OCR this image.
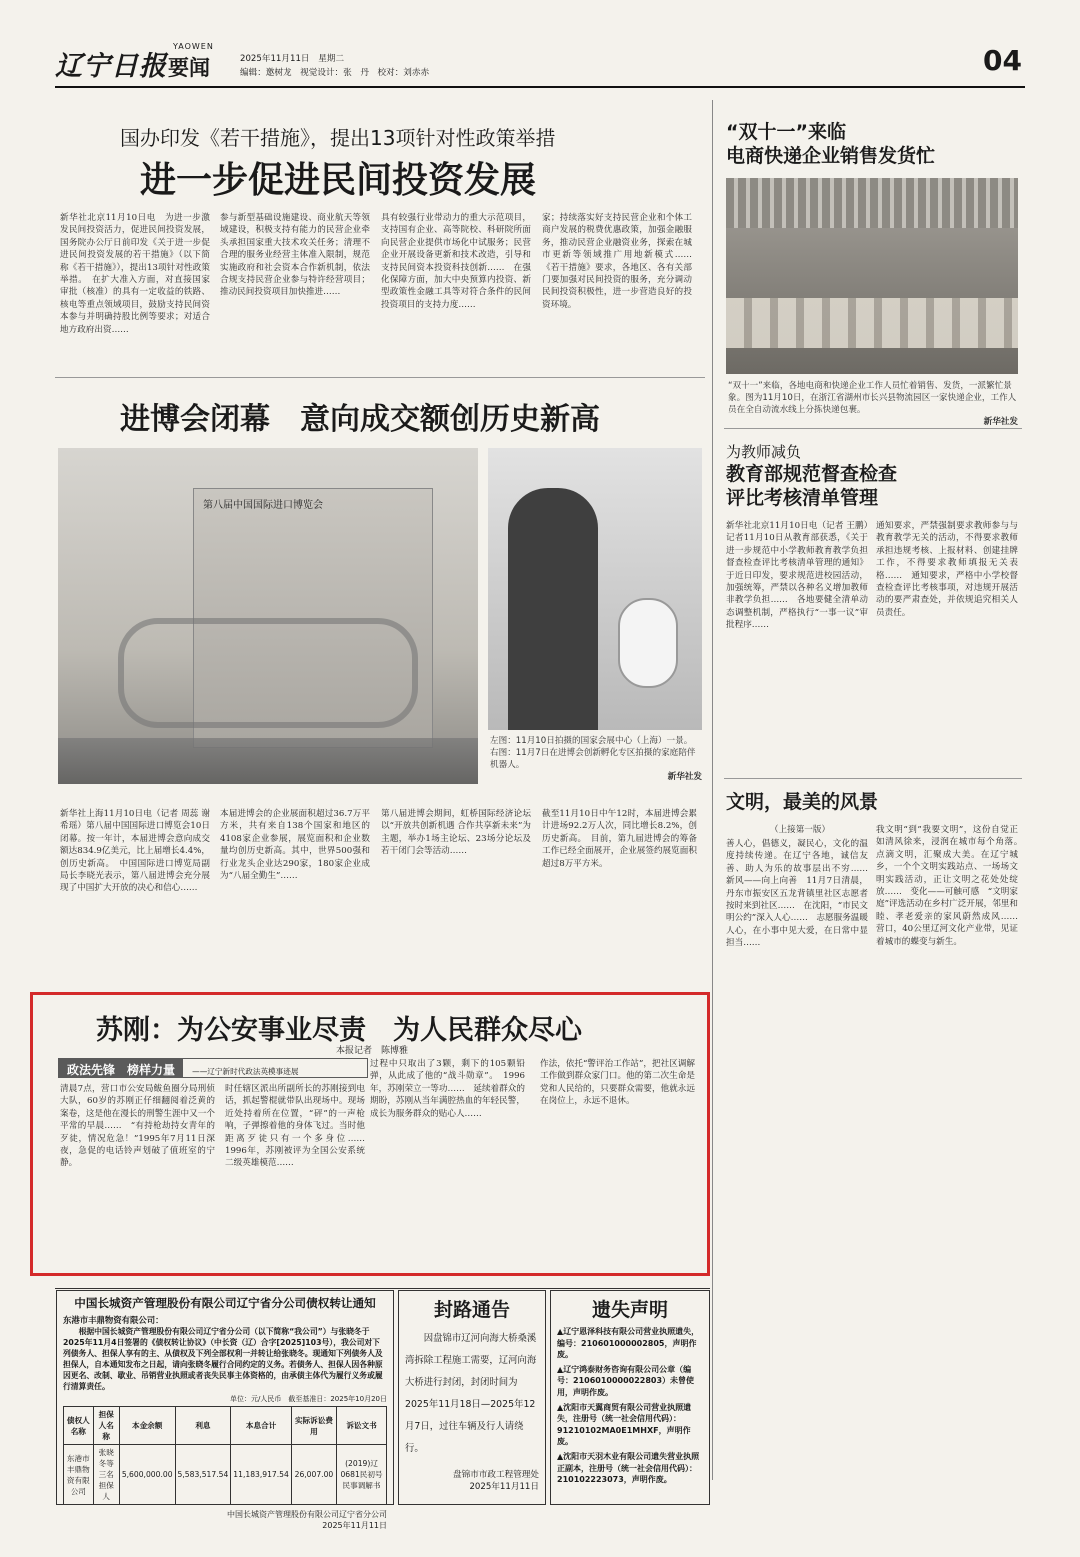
辽宁日报
YAOWEN
要闻	2025年11月11日 星期二
编辑：邀树龙　视觉设计：张　丹　校对：刘赤赤	04
国办印发《若干措施》，提出13项针对性政策举措
进一步促进民间投资发展
新华社北京11月10日电　为进一步激发民间投资活力，促进民间投资发展，国务院办公厅日前印发《关于进一步促进民间投资发展的若干措施》（以下简称《若干措施》），提出13项针对性政策举措。　在扩大准入方面，对直接国家审批（核准）的具有一定收益的铁路、核电等重点领域项目，鼓励支持民间资本参与并明确持股比例等要求；对适合地方政府出资……
参与新型基础设施建设、商业航天等领域建设，积极支持有能力的民营企业牵头承担国家重大技术攻关任务；清理不合理的服务业经营主体准入限制，规范实施政府和社会资本合作新机制，依法合规支持民营企业参与特许经营项目；推动民间投资项目加快推进……
具有较强行业带动力的重大示范项目，支持国有企业、高等院校、科研院所面向民营企业提供市场化中试服务；民营企业开展设备更新和技术改造，引导和支持民间资本投资科技创新……　在强化保障方面，加大中央预算内投资、新型政策性金融工具等对符合条件的民间投资项目的支持力度……
家；持续落实好支持民营企业和个体工商户发展的税费优惠政策，加强金融服务，推动民营企业融资业务，探索在城市更新等领域推广用地新模式……　《若干措施》要求，各地区、各有关部门要加强对民间投资的服务，充分调动民间投资积极性，进一步营造良好的投资环境。
进博会闭幕　意向成交额创历史新高
第八届中国国际进口博览会
左图：11月10日拍摄的国家会展中心（上海）一景。
右图：11月7日在进博会创新孵化专区拍摄的家庭陪伴机器人。
新华社发
新华社上海11月10日电（记者 周蕊 谢希瑶）第八届中国国际进口博览会10日闭幕。按一年计，本届进博会意向成交额达834.9亿美元，比上届增长4.4%，创历史新高。　中国国际进口博览局副局长李晓光表示，第八届进博会充分展现了中国扩大开放的决心和信心……
本届进博会的企业展面积超过36.7万平方米，共有来自138个国家和地区的4108家企业参展，展览面积和企业数量均创历史新高。其中，世界500强和行业龙头企业达290家，180家企业成为“八届全勤生”……
第八届进博会期间，虹桥国际经济论坛以“开放共创新机遇 合作共享新未来”为主题，举办1场主论坛、23场分论坛及若干闭门会等活动……
截至11月10日中午12时，本届进博会累计进场92.2万人次，同比增长8.2%，创历史新高。　目前，第九届进博会的筹备工作已经全面展开，企业展签约展览面积超过8万平方米。
苏刚：为公安事业尽责　为人民群众尽心
本报记者　陈博雅
政法先锋　榜样力量 ——辽宁新时代政法英模事迹展
清晨7点，营口市公安局鲅鱼圈分局刑侦大队，60岁的苏刚正仔细翻阅着泛黄的案卷，这是他在漫长的刑警生涯中又一个平常的早晨……　“有持枪劫持女青年的歹徒，情况危急！”1995年7月11日深夜，急促的电话铃声划破了值班室的宁静。
时任辖区派出所副所长的苏刚接到电话，抓起警棍就带队出现场中。现场近处持着所在位置，“砰”的一声枪响，子弹擦着他的身体飞过。当时他距离歹徒只有一个多身位……　1996年，苏刚被评为全国公安系统二级英雄模范……
过程中只取出了3颗，剩下的105颗铅弹，从此成了他的“战斗勋章”。　1996年，苏刚荣立一等功……　延续着群众的期盼，苏刚从当年满腔热血的年轻民警，成长为服务群众的贴心人……
作法，依托“警评治工作站”，把社区调解工作做到群众家门口。他的第二次生命是党和人民给的，只要群众需要，他就永远在岗位上，永远不退休。
“双十一”来临
电商快递企业销售发货忙
“双十一”来临，各地电商和快递企业工作人员忙着销售、发货，一派繁忙景象。图为11月10日，在浙江省湖州市长兴县物流园区一家快递企业，工作人员在全自动流水线上分拣快递包裹。
新华社发
为教师减负
教育部规范督查检查
评比考核清单管理
新华社北京11月10日电（记者 王鹏）记者11月10日从教育部获悉，《关于进一步规范中小学教师教育教学负担督查检查评比考核清单管理的通知》于近日印发，要求规范进校园活动，加强统筹，严禁以各种名义增加教师非教学负担……　各地要健全清单动态调整机制，严格执行“一事一议”审批程序……
通知要求，严禁强制要求教师参与与教育教学无关的活动，不得要求教师承担违规考核、上报材料、创建挂牌工作，不得要求教师填报无关表格……　通知要求，严格中小学校督查检查评比考核事项，对违规开展活动的要严肃查处，并依规追究相关人员责任。
文明，最美的风景
（上接第一版）
善人心，倡德义，凝民心，文化的温度持续传递。在辽宁各地，诚信友善、助人为乐的故事层出不穷……　新风——向上向善　11月7日清晨，丹东市振安区五龙背镇里社区志愿者按时来到社区……　在沈阳，“市民文明公约”深入人心……　志愿服务温暖人心，在小事中见大爱，在日常中显担当……
我文明“到”我要文明”，这份自觉正如清风徐来，浸润在城市每个角落。　点滴文明，汇聚成大美。在辽宁城乡，一个个文明实践站点、一场场文明实践活动，正让文明之花处处绽放……　变化——可触可感　“文明家庭”评选活动在乡村广泛开展，邻里和睦、孝老爱亲的家风蔚然成风……　营口，40公里辽河文化产业带，见证着城市的蝶变与新生。
中国长城资产管理股份有限公司辽宁省分公司债权转让通知
东港市丰鼎物资有限公司：
根据中国长城资产管理股份有限公司辽宁省分公司（以下简称“我公司”）与张晓冬于2025年11月4日签署的《债权转让协议》（中长资（辽）合字[2025]103号），我公司对下列债务人、担保人享有的主、从债权及下列全部权利一并转让给张晓冬。现通知下列债务人及担保人，自本通知发布之日起，请向张晓冬履行合同约定的义务。若债务人、担保人因各种原因更名、改制、歇业、吊销营业执照或者丧失民事主体资格的，由承债主体代为履行义务或履行清算责任。
单位：元/人民币　截至基准日：2025年10月20日
债权人名称	担保人名称	本金余额	利息	本息合计	实际诉讼费用	诉讼文书
东港市丰鼎物资有限公司	张晓冬等三名担保人	5,600,000.00	5,583,517.54	11,183,917.54	26,007.00	(2019)辽0681民初号民事调解书
中国长城资产管理股份有限公司辽宁省分公司
2025年11月11日
封路通告
因盘锦市辽河向海大桥桑溪湾拆除工程施工需要，辽河向海大桥进行封闭，封闭时间为2025年11月18日—2025年12月7日，过往车辆及行人请绕行。
盘锦市市政工程管理处
2025年11月11日
遗失声明
▲辽宁恩泽科技有限公司营业执照遗失，编号：210601000002805，声明作废。
▲辽宁鸿泰财务咨询有限公司公章（编号：2106010000022803）未曾使用，声明作废。
▲沈阳市天翼商贸有限公司营业执照遗失，注册号（统一社会信用代码）：91210102MA0E1MHXF，声明作废。
▲沈阳市天羽木业有限公司遗失营业执照正副本，注册号（统一社会信用代码）：210102223073，声明作废。
